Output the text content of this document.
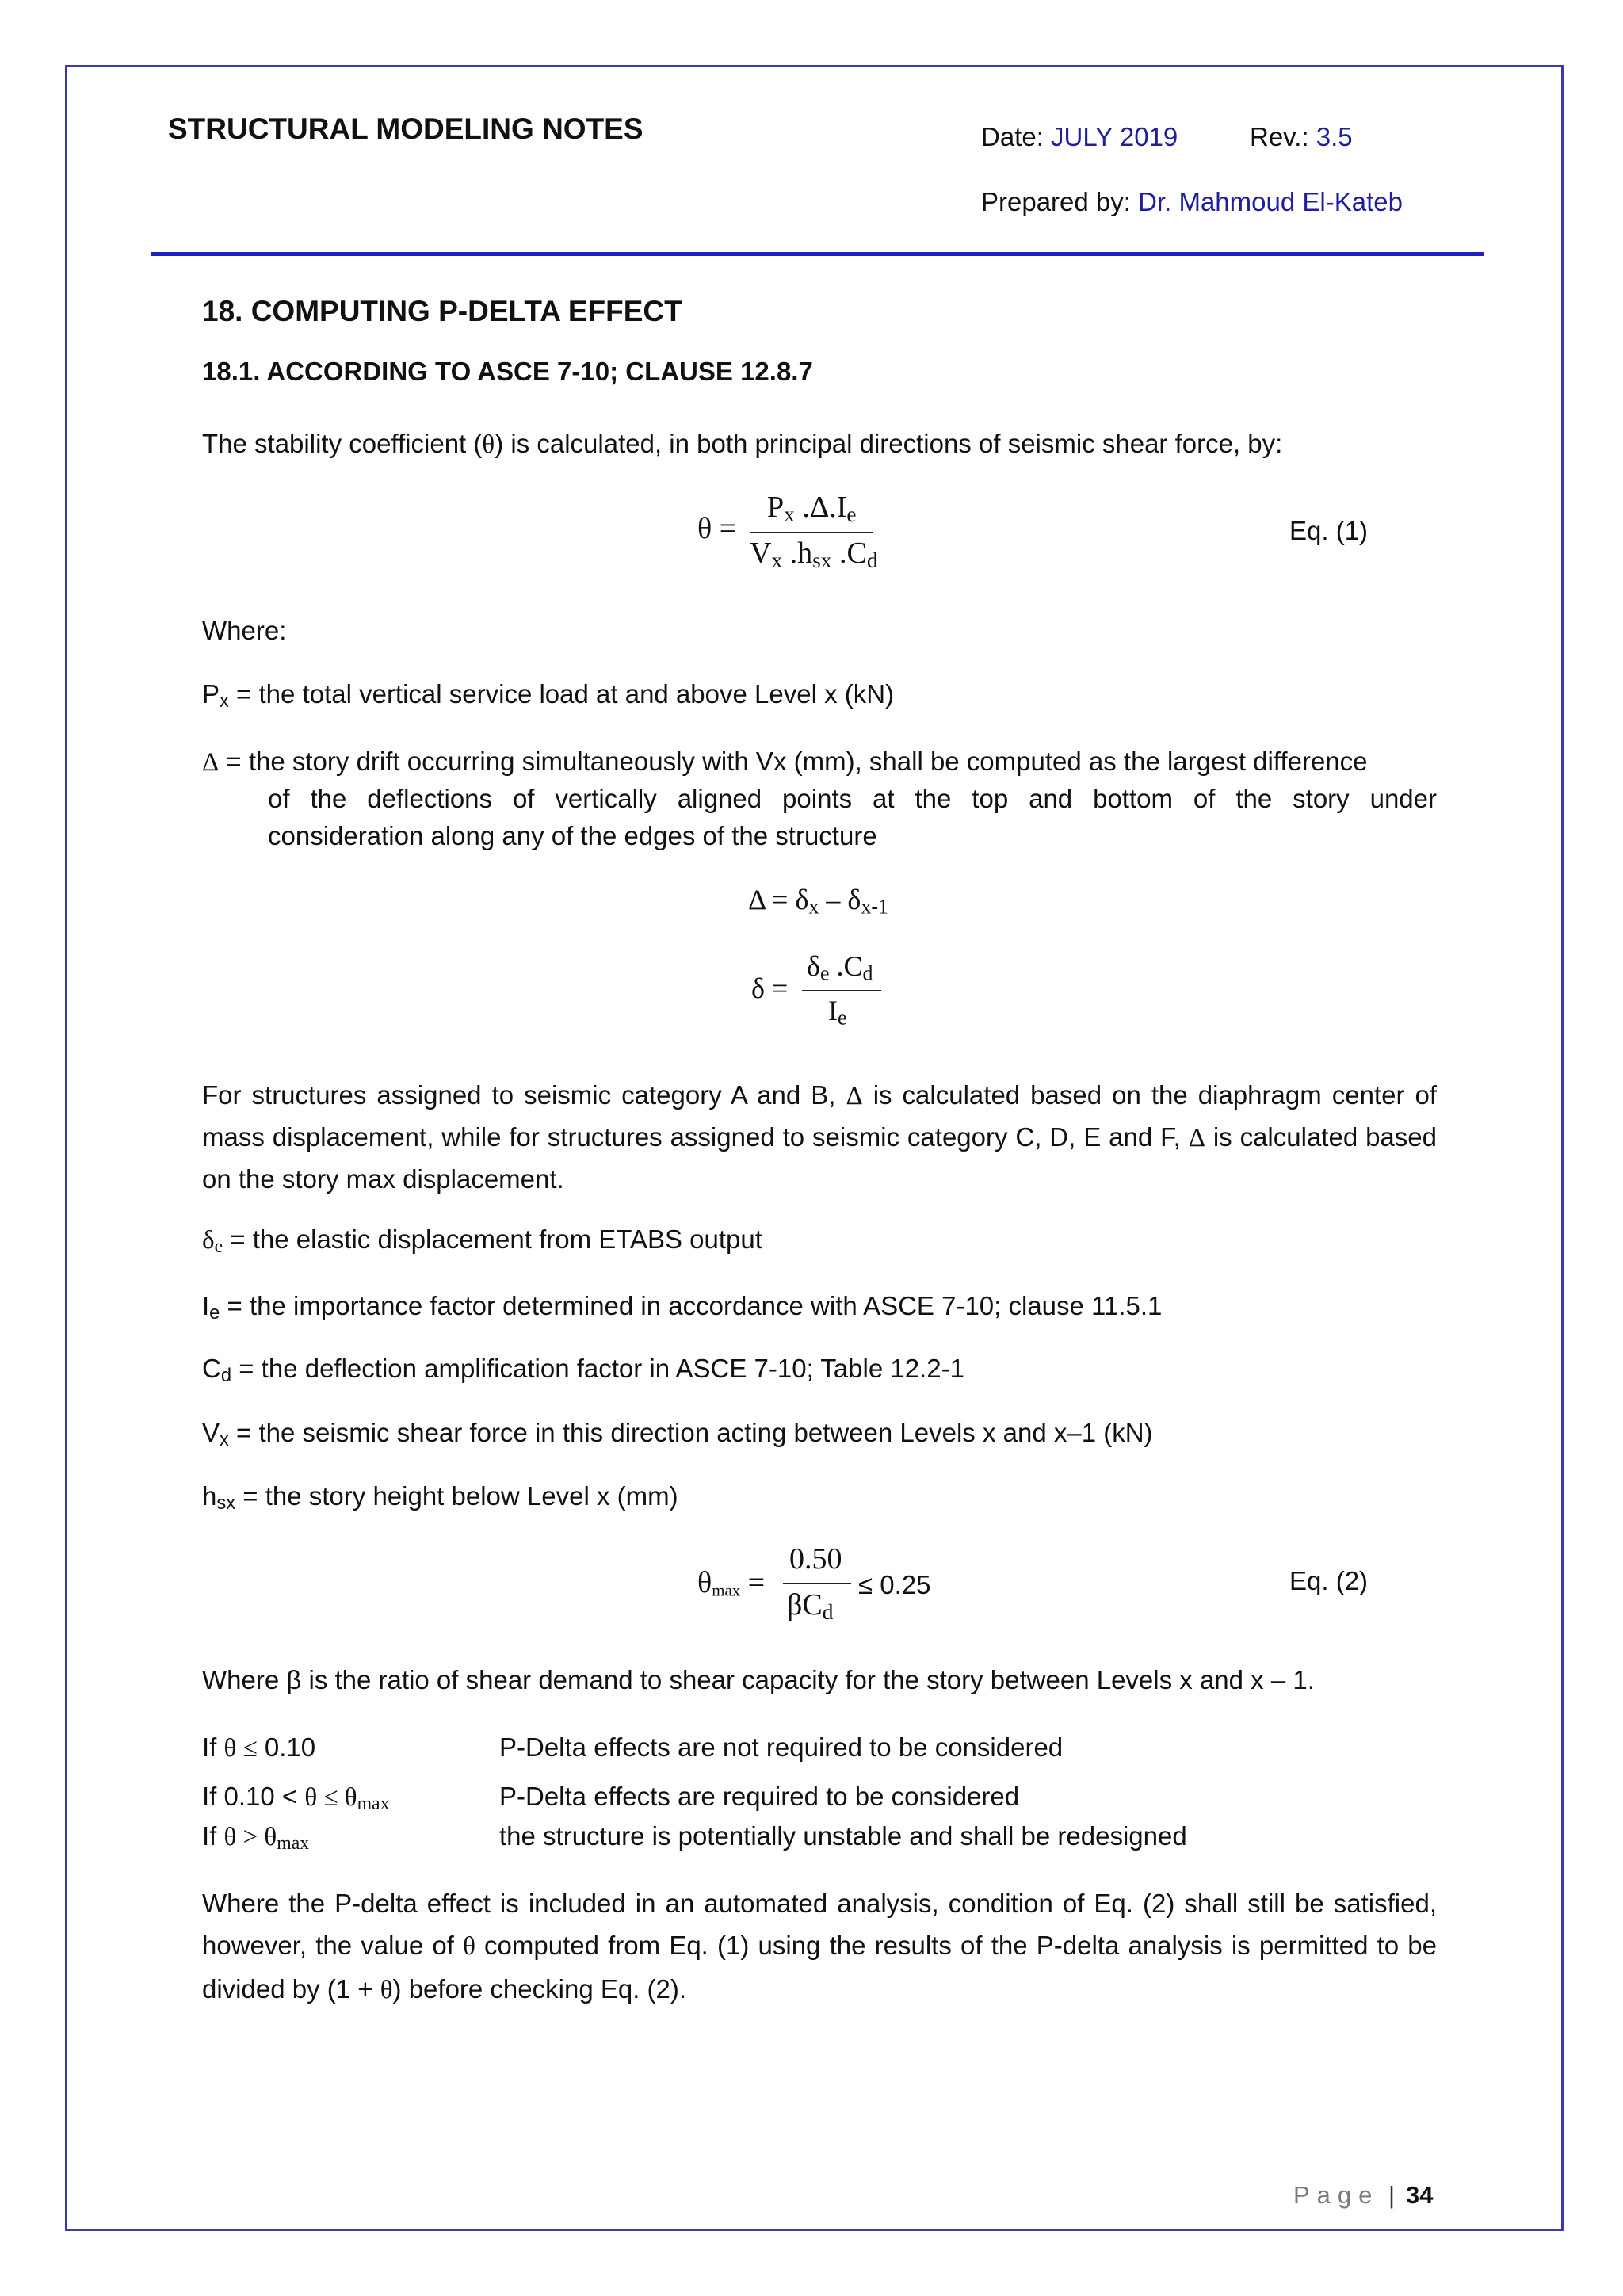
STRUCTURAL MODELING NOTES	Date: JULY 2019	Rev.: 3.5
Prepared by: Dr. Mahmoud El-Kateb
18. COMPUTING P-DELTA EFFECT
18.1. ACCORDING TO ASCE 7-10; CLAUSE 12.8.7
The stability coefficient (θ) is calculated, in both principal directions of seismic shear force, by:
θ =
$P_x$ $.\Delta.I_e$
$V_x$ $.h_{sx}$ $.C_d$
Eq. (1)
Where:
$P_x$ = the total vertical service load at and above Level x (kN)
Δ = the story drift occurring simultaneously with Vx (mm), shall be computed as the largest difference
of the deflections of vertically aligned points at the top and bottom of the story under
consideration along any of the edges of the structure
$\Delta = \delta_x - \delta_{x-1}$
δ =
$\delta_e$ $.C_d$
$I_e$
For structures assigned to seismic category A and B, Δ is calculated based on the diaphragm center of mass displacement, while for structures assigned to seismic category C, D, E and F, Δ is calculated based on the story max displacement.
$\delta_e$ = the elastic displacement from ETABS output
$I_e$ = the importance factor determined in accordance with ASCE 7-10; clause 11.5.1
$C_d$ = the deflection amplification factor in ASCE 7-10; Table 12.2-1
$V_x$ = the seismic shear force in this direction acting between Levels x and x–1 (kN)
$h_{sx}$ = the story height below Level x (mm)
$\theta_{max}$ =
0.50
$\beta C_d$
≤ 0.25	Eq. (2)
Where β is the ratio of shear demand to shear capacity for the story between Levels x and x – 1.
If θ ≤ 0.10	P-Delta effects are not required to be considered
If $0.10 < \theta \le \theta_{max}$	P-Delta effects are required to be considered
If $\theta > \theta_{max}$	the structure is potentially unstable and shall be redesigned
Where the P-delta effect is included in an automated analysis, condition of Eq. (2) shall still be satisfied, however, the value of θ computed from Eq. (1) using the results of the P-delta analysis is permitted to be divided by (1 + θ) before checking Eq. (2).
Page | 34
